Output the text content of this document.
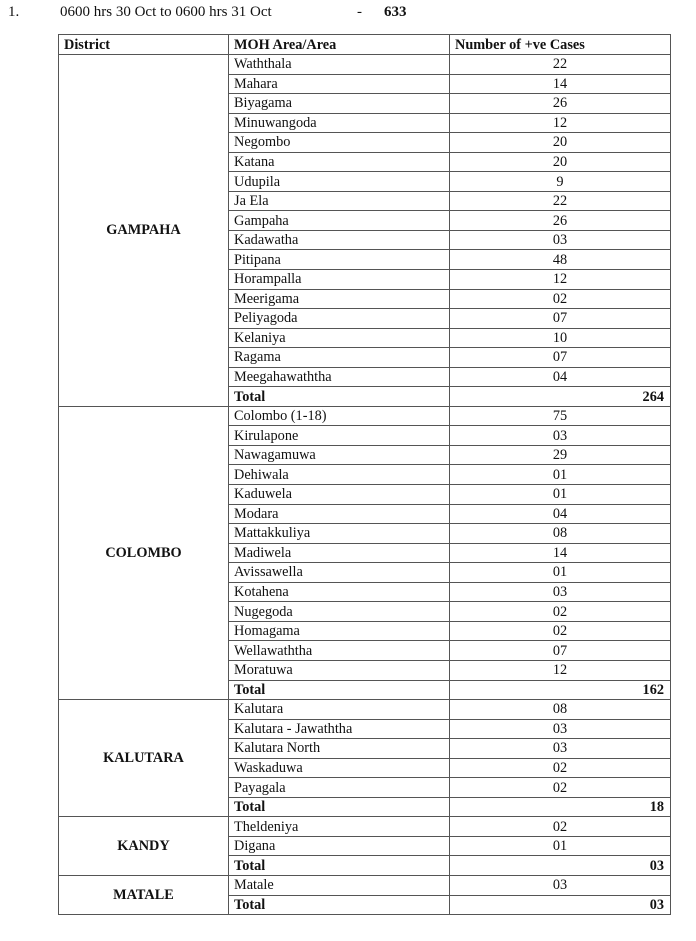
1.	0600 hrs 30 Oct to 0600 hrs 31 Oct	- 633
District	MOH Area/Area	Number of +ve Cases
GAMPAHA	Waththala	22
	Mahara	14
	Biyagama	26
	Minuwangoda	12
	Negombo	20
	Katana	20
	Udupila	9
	Ja Ela	22
	Gampaha	26
	Kadawatha	03
	Pitipana	48
	Horampalla	12
	Meerigama	02
	Peliyagoda	07
	Kelaniya	10
	Ragama	07
	Meegahawaththa	04
	Total	264
COLOMBO	Colombo (1-18)	75
	Kirulapone	03
	Nawagamuwa	29
	Dehiwala	01
	Kaduwela	01
	Modara	04
	Mattakkuliya	08
	Madiwela	14
	Avissawella	01
	Kotahena	03
	Nugegoda	02
	Homagama	02
	Wellawaththa	07
	Moratuwa	12
	Total	162
KALUTARA	Kalutara	08
	Kalutara - Jawaththa	03
	Kalutara North	03
	Waskaduwa	02
	Payagala	02
	Total	18
KANDY	Theldeniya	02
	Digana	01
	Total	03
MATALE	Matale	03
	Total	03
